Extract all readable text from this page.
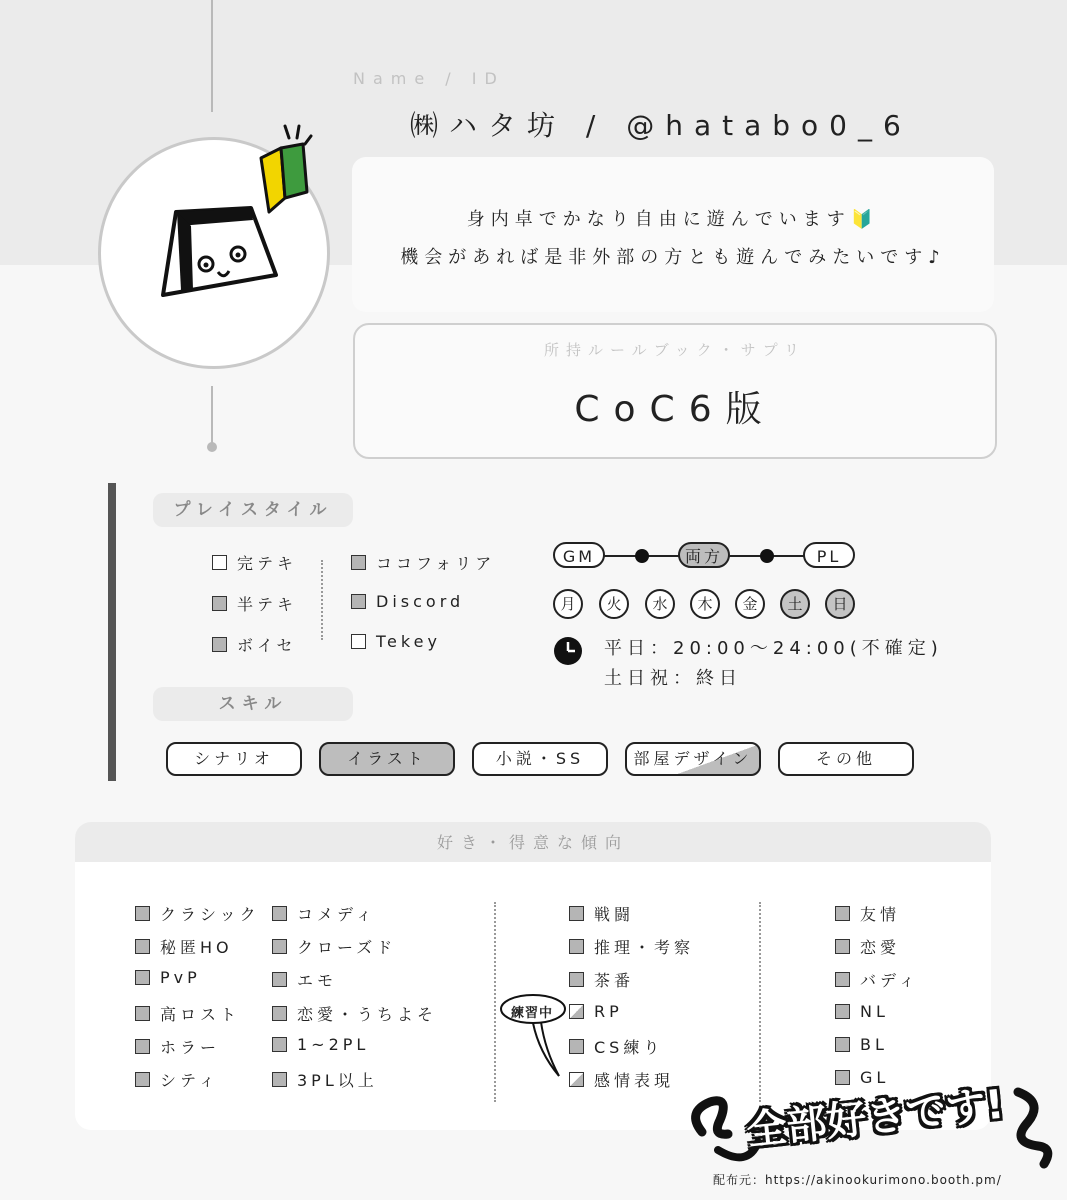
Name / ID
㈱ハタ坊 / @hatabo0_6
身内卓でかなり自由に遊んでいます🔰
機会があれば是非外部の方とも遊んでみたいです♪
所持ルールブック・サプリ
CoC6版
プレイスタイル
完テキ
半テキ
ボイセ
ココフォリア
Discord
Tekey
GM	両方	PL
月	火	水	木	金	土	日
平日：20:00～24:00(不確定)
土日祝：終日
スキル
シナリオ	イラスト	小説・SS	部屋デザイン	その他
好き・得意な傾向
クラシック
秘匿HO
PvP
高ロスト
ホラー
シティ
コメディ
クローズド
エモ
恋愛・うちよそ
1~2PL
3PL以上
戦闘
推理・考察
茶番
RP
CS練り
感情表現
友情
恋愛
バディ
NL
BL
GL
練習中
全部好きです!
配布元：https://akinookurimono.booth.pm/
